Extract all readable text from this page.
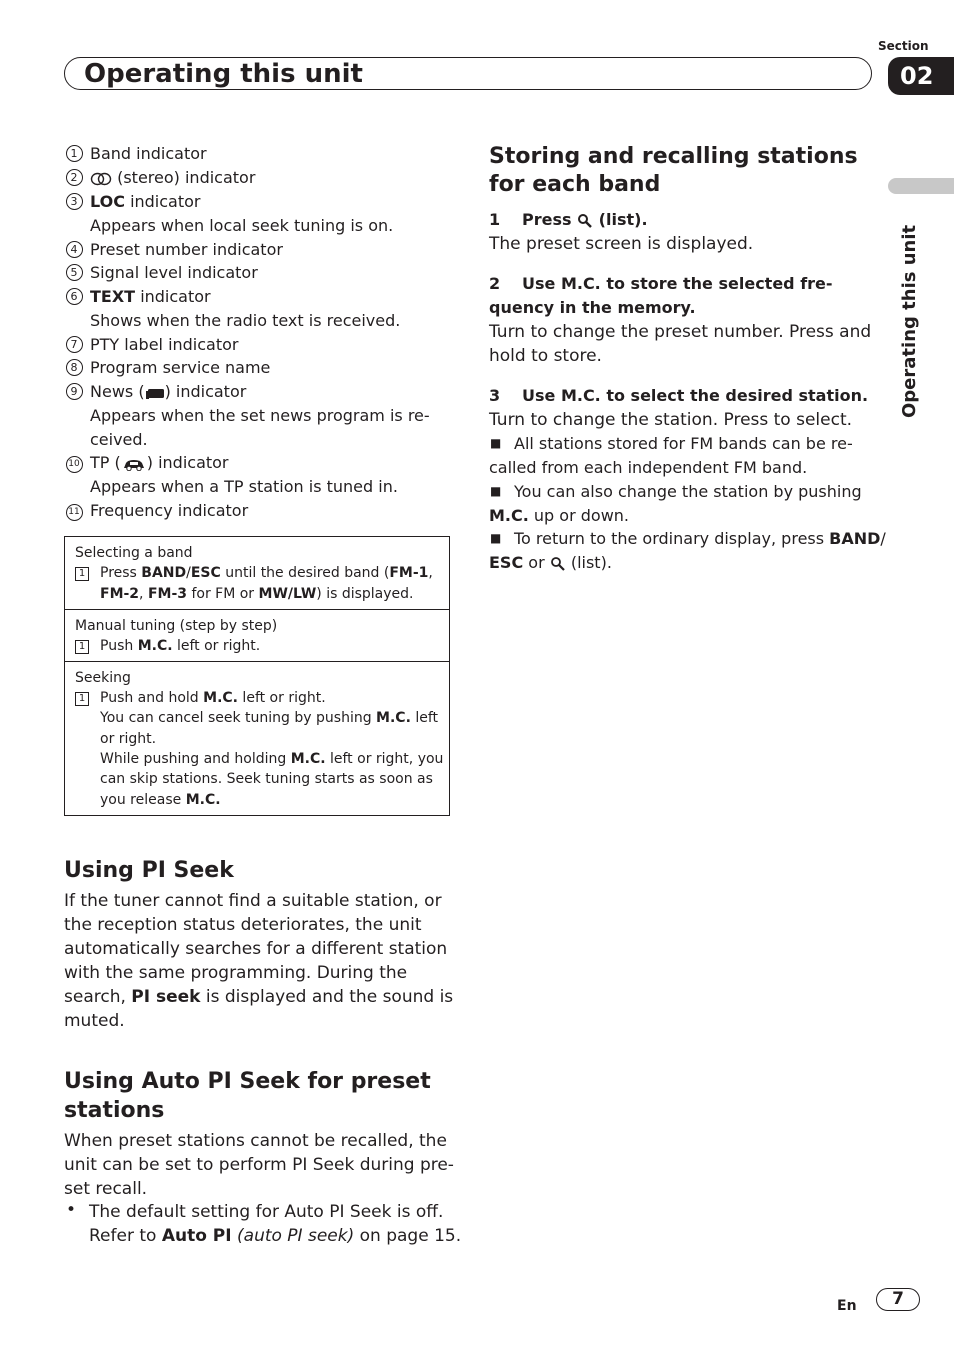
Section
Operating this unit	02
Operating this unit
1 Band indicator
2	(stereo) indicator
3 LOC indicator
Appears when local seek tuning is on.
4 Preset number indicator
5 Signal level indicator
6 TEXT indicator
Shows when the radio text is received.
7 PTY label indicator
8 Program service name
9 News ( ) indicator
Appears when the set news program is re-
ceived.
10 TP ( ) indicator
Appears when a TP station is tuned in.
11 Frequency indicator
Selecting a band
1 Press BAND/ESC until the desired band (FM-1,
FM-2, FM-3 for FM or MW/LW) is displayed.
Manual tuning (step by step)
1 Push M.C. left or right.
Seeking
1 Push and hold M.C. left or right.
You can cancel seek tuning by pushing M.C. left
or right.
While pushing and holding M.C. left or right, you
can skip stations. Seek tuning starts as soon as
you release M.C.
Using PI Seek
If the tuner cannot find a suitable station, or
the reception status deteriorates, the unit
automatically searches for a different station
with the same programming. During the
search, PI seek is displayed and the sound is
muted.
Using Auto PI Seek for preset
stations
When preset stations cannot be recalled, the
unit can be set to perform PI Seek during pre-
set recall.
• The default setting for Auto PI Seek is off.
Refer to Auto PI (auto PI seek) on page 15.
Storing and recalling stations
for each band
1 Press  (list).
The preset screen is displayed.
2 Use M.C. to store the selected fre-
quency in the memory.
Turn to change the preset number. Press and
hold to store.
3 Use M.C. to select the desired station.
Turn to change the station. Press to select.
■ All stations stored for FM bands can be re-
called from each independent FM band.
■ You can also change the station by pushing
M.C. up or down.
■ To return to the ordinary display, press BAND/
ESC or  (list).
En	7
